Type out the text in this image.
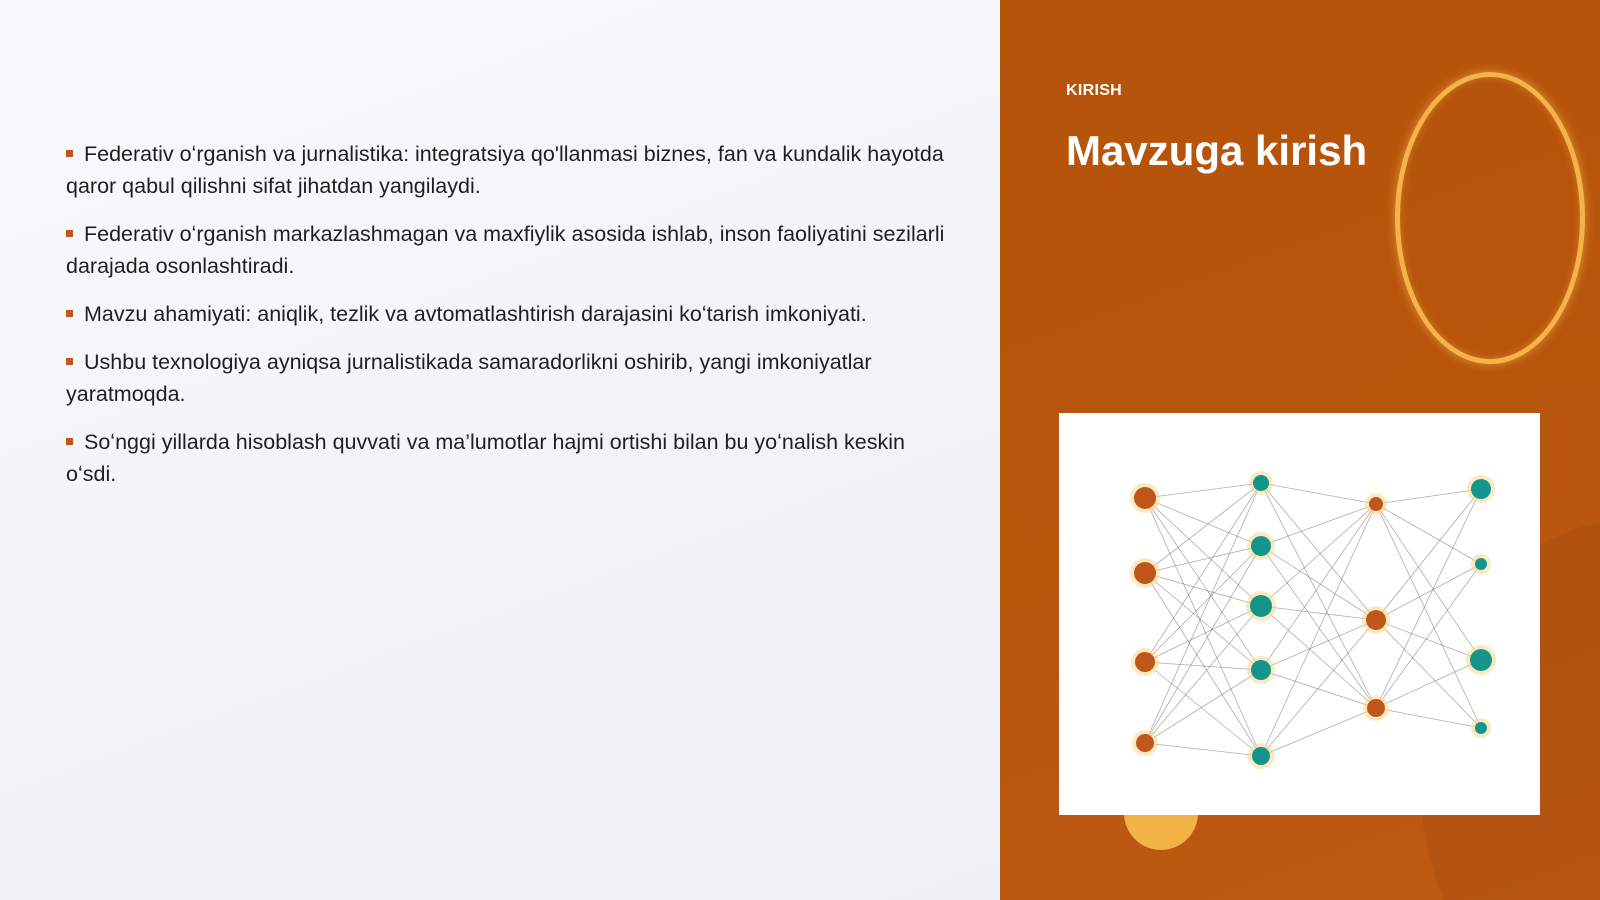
Federativ oʻrganish va jurnalistika: integratsiya qo'llanmasi biznes, fan va kundalik hayotda qaror qabul qilishni sifat jihatdan yangilaydi.
Federativ oʻrganish markazlashmagan va maxfiylik asosida ishlab, inson faoliyatini sezilarli darajada osonlashtiradi.
Mavzu ahamiyati: aniqlik, tezlik va avtomatlashtirish darajasini koʻtarish imkoniyati.
Ushbu texnologiya ayniqsa jurnalistikada samaradorlikni oshirib, yangi imkoniyatlar yaratmoqda.
Soʻnggi yillarda hisoblash quvvati va ma’lumotlar hajmi ortishi bilan bu yoʻnalish keskin oʻsdi.
KIRISH
Mavzuga kirish
